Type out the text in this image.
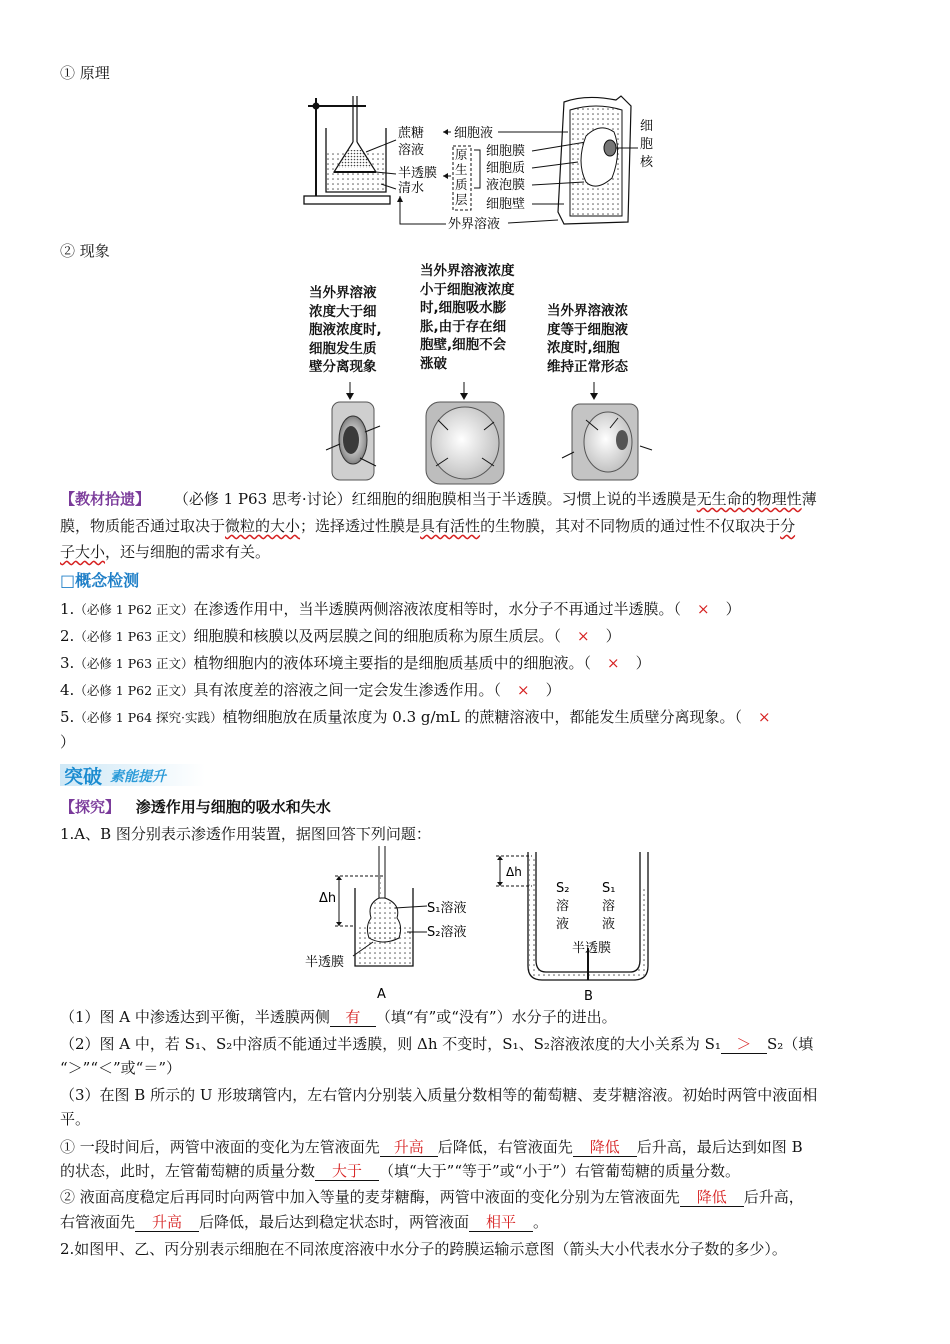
① 原理
蔗糖
溶液
半透膜
清水
细胞液
原
生
质
层
细胞膜
细胞质
液泡膜
细胞壁
外界溶液
细
胞
核
② 现象
当外界溶液
浓度大于细
胞液浓度时,
细胞发生质
壁分离现象
当外界溶液浓度
小于细胞液浓度
时,细胞吸水膨
胀,由于存在细
胞壁,细胞不会
涨破
当外界溶液浓
度等于细胞液
浓度时,细胞
维持正常形态
【教材拾遗】 （必修 1 P63 思考·讨论）红细胞的细胞膜相当于半透膜。习惯上说的半透膜是无生命的物理性薄
膜，物质能否通过取决于微粒的大小；选择透过性膜是具有活性的生物膜，其对不同物质的通过性不仅取决于分
子大小，还与细胞的需求有关。
□概念检测
1.（必修 1 P62 正文）在渗透作用中，当半透膜两侧溶液浓度相等时，水分子不再通过半透膜。（ × ）
2.（必修 1 P63 正文）细胞膜和核膜以及两层膜之间的细胞质称为原生质层。（ × ）
3.（必修 1 P63 正文）植物细胞内的液体环境主要指的是细胞质基质中的细胞液。（ × ）
4.（必修 1 P62 正文）具有浓度差的溶液之间一定会发生渗透作用。（ × ）
5.（必修 1 P64 探究·实践）植物细胞放在质量浓度为 0.3 g/mL 的蔗糖溶液中，都能发生质壁分离现象。（ ×
）
突破 素能提升
【探究】 渗透作用与细胞的吸水和失水
1.A、B 图分别表示渗透作用装置，据图回答下列问题：
Δh
S₁溶液
S₂溶液
半透膜
A
Δh
S₂
溶
液
S₁
溶
液
半透膜
B
（1）图 A 中渗透达到平衡，半透膜两侧 有 （填“有”或“没有”）水分子的进出。
（2）图 A 中，若 S₁、S₂中溶质不能通过半透膜，则 Δh 不变时，S₁、S₂溶液浓度的大小关系为 S₁ ＞ S₂（填
“＞”“＜”或“＝”）
（3）在图 B 所示的 U 形玻璃管内，左右管内分别装入质量分数相等的葡萄糖、麦芽糖溶液。初始时两管中液面相
平。
① 一段时间后，两管中液面的变化为左管液面先 升高 后降低，右管液面先 降低 后升高，最后达到如图 B
的状态，此时，左管葡萄糖的质量分数 大于 （填“大于”“等于”或“小于”）右管葡萄糖的质量分数。
② 液面高度稳定后再同时向两管中加入等量的麦芽糖酶，两管中液面的变化分别为左管液面先 降低 后升高，
右管液面先 升高 后降低，最后达到稳定状态时，两管液面 相平 。
2.如图甲、乙、丙分别表示细胞在不同浓度溶液中水分子的跨膜运输示意图（箭头大小代表水分子数的多少）。
